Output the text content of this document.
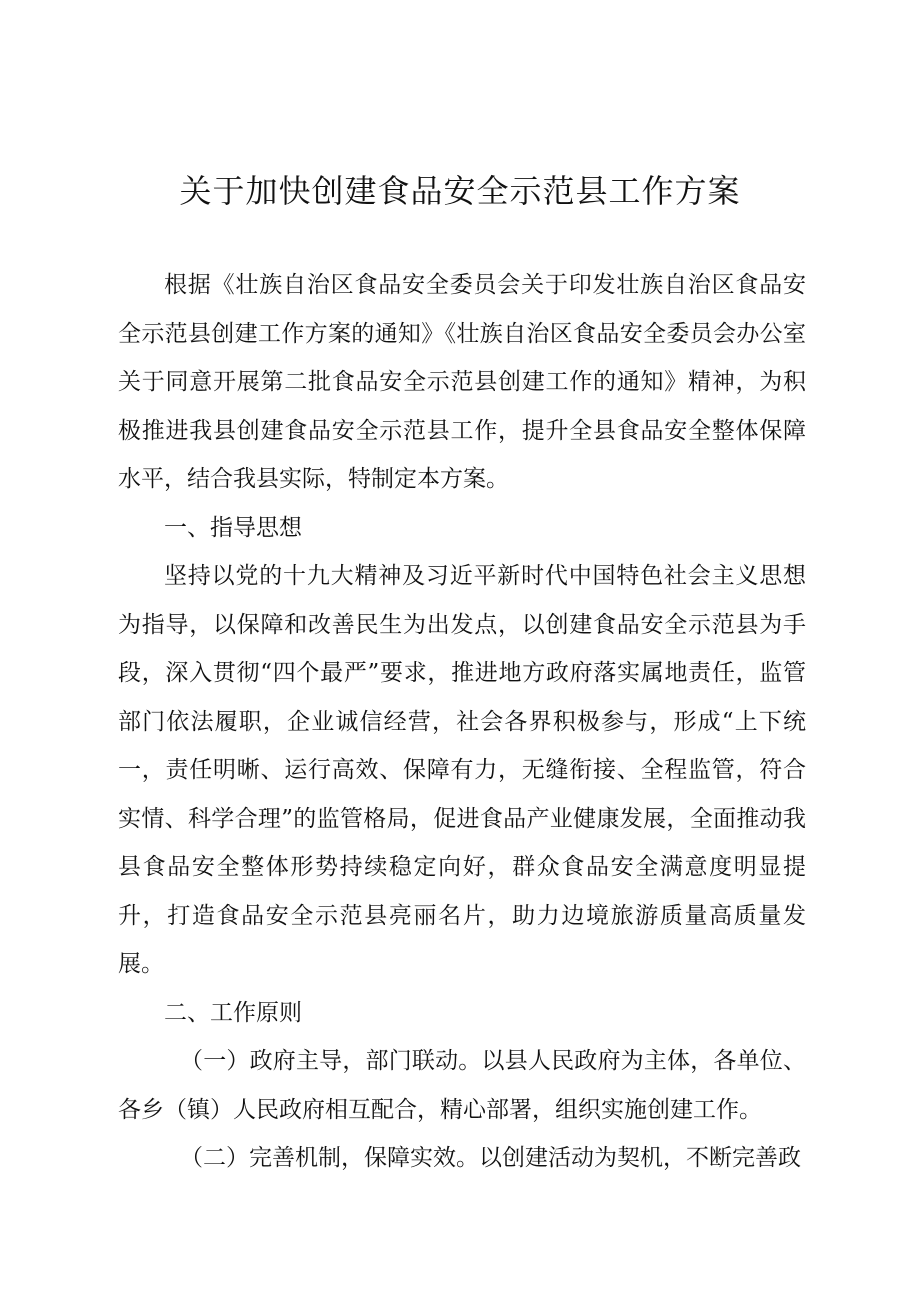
关于加快创建食品安全示范县工作方案

根据《壮族自治区食品安全委员会关于印发壮族自治区食品安全示范县创建工作方案的通知》《壮族自治区食品安全委员会办公室关于同意开展第二批食品安全示范县创建工作的通知》精神，为积极推进我县创建食品安全示范县工作，提升全县食品安全整体保障水平，结合我县实际，特制定本方案。

一、指导思想

坚持以党的十九大精神及习近平新时代中国特色社会主义思想为指导，以保障和改善民生为出发点，以创建食品安全示范县为手段，深入贯彻“四个最严”要求，推进地方政府落实属地责任，监管部门依法履职，企业诚信经营，社会各界积极参与，形成“上下统一，责任明晰、运行高效、保障有力，无缝衔接、全程监管，符合实情、科学合理”的监管格局，促进食品产业健康发展，全面推动我县食品安全整体形势持续稳定向好，群众食品安全满意度明显提升，打造食品安全示范县亮丽名片，助力边境旅游质量高质量发展。

二、工作原则

（一）政府主导，部门联动。以县人民政府为主体，各单位、各乡（镇）人民政府相互配合，精心部署，组织实施创建工作。

（二）完善机制，保障实效。以创建活动为契机，不断完善政
